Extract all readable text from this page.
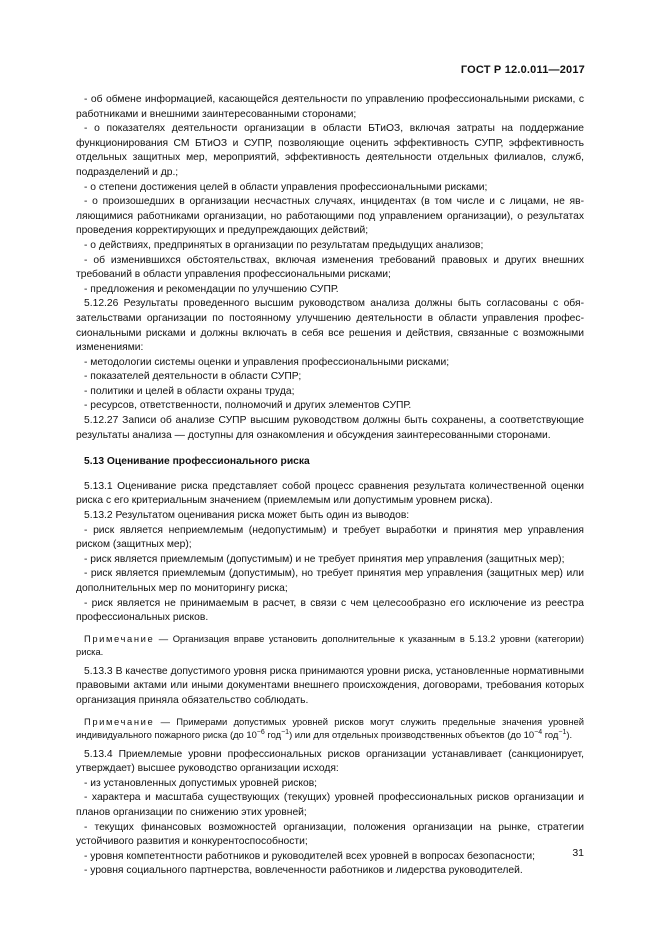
ГОСТ Р 12.0.011—2017

- об обмене информацией, касающейся деятельности по управлению профессиональными рисками, с работниками и внешними заинтересованными сторонами;

- о показателях деятельности организации в области БТиОЗ, включая затраты на поддержание функционирования СМ БТиОЗ и СУПР, позволяющие оценить эффективность СУПР, эффективность отдельных защитных мер, мероприятий, эффективность деятельности отдельных филиалов, служб, подразделений и др.;

- о степени достижения целей в области управления профессиональными рисками;

- о произошедших в организации несчастных случаях, инцидентах (в том числе и с лицами, не являющимися работниками организации, но работающими под управлением организации), о результатах проведения корректирующих и предупреждающих действий;

- о действиях, предпринятых в организации по результатам предыдущих анализов;

- об изменившихся обстоятельствах, включая изменения требований правовых и других внешних требований в области управления профессиональными рисками;

- предложения и рекомендации по улучшению СУПР.

5.12.26 Результаты проведенного высшим руководством анализа должны быть согласованы с обязательствами организации по постоянному улучшению деятельности в области управления профессиональными рисками и должны включать в себя все решения и действия, связанные с возможными изменениями:

- методологии системы оценки и управления профессиональными рисками;

- показателей деятельности в области СУПР;

- политики и целей в области охраны труда;

- ресурсов, ответственности, полномочий и других элементов СУПР.

5.12.27 Записи об анализе СУПР высшим руководством должны быть сохранены, а соответствующие результаты анализа — доступны для ознакомления и обсуждения заинтересованными сторонами.

5.13 Оценивание профессионального риска

5.13.1 Оценивание риска представляет собой процесс сравнения результата количественной оценки риска с его критериальным значением (приемлемым или допустимым уровнем риска).

5.13.2 Результатом оценивания риска может быть один из выводов:

- риск является неприемлемым (недопустимым) и требует выработки и принятия мер управления риском (защитных мер);

- риск является приемлемым (допустимым) и не требует принятия мер управления (защитных мер);

- риск является приемлемым (допустимым), но требует принятия мер управления (защитных мер) или дополнительных мер по мониторингу риска;

- риск является не принимаемым в расчет, в связи с чем целесообразно его исключение из реестра профессиональных рисков.

Примечание — Организация вправе установить дополнительные к указанным в 5.13.2 уровни (категории) риска.

5.13.3 В качестве допустимого уровня риска принимаются уровни риска, установленные нормативными правовыми актами или иными документами внешнего происхождения, договорами, требования которых организация приняла обязательство соблюдать.

Примечание — Примерами допустимых уровней рисков могут служить предельные значения уровней индивидуального пожарного риска (до $10^{-6}$ год$^{-1}$) или для отдельных производственных объектов (до $10^{-4}$ год$^{-1}$).

5.13.4 Приемлемые уровни профессиональных рисков организации устанавливает (санкционирует, утверждает) высшее руководство организации исходя:

- из установленных допустимых уровней рисков;

- характера и масштаба существующих (текущих) уровней профессиональных рисков организации и планов организации по снижению этих уровней;

- текущих финансовых возможностей организации, положения организации на рынке, стратегии устойчивого развития и конкурентоспособности;

- уровня компетентности работников и руководителей всех уровней в вопросах безопасности;

- уровня социального партнерства, вовлеченности работников и лидерства руководителей.

31
